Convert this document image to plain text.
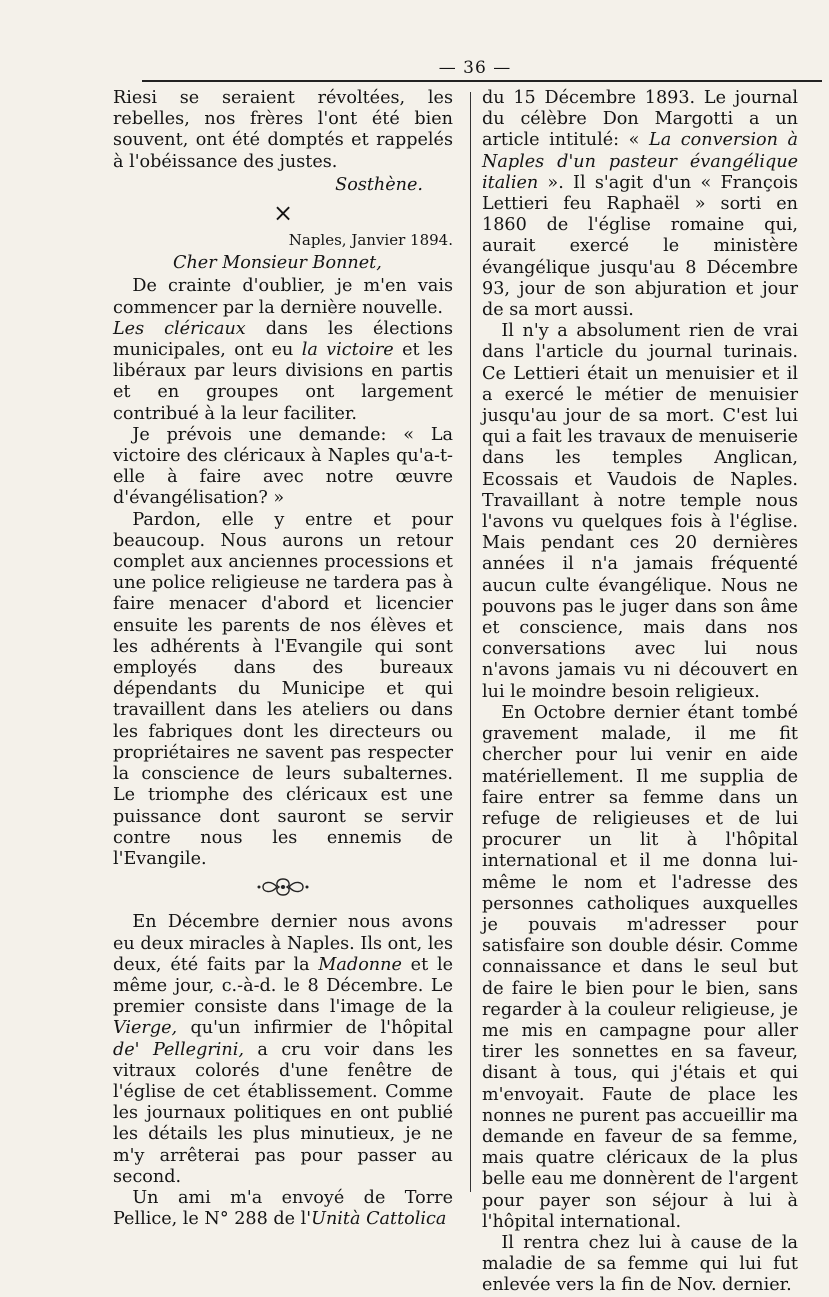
— 36 —

Riesi se seraient révoltées, les rebelles, nos frères l'ont été bien souvent, ont été domptés et rappelés à l'obéissance des justes.

Sosthène.

×

Naples, Janvier 1894.

Cher Monsieur Bonnet,

De crainte d'oublier, je m'en vais commencer par la dernière nouvelle.

Les cléricaux dans les élections municipales, ont eu la victoire et les libéraux par leurs divisions en partis et en groupes ont largement contribué à la leur faciliter.

Je prévois une demande: « La victoire des cléricaux à Naples qu'a-t-elle à faire avec notre œuvre d'évangélisation? »

Pardon, elle y entre et pour beaucoup. Nous aurons un retour complet aux anciennes processions et une police religieuse ne tardera pas à faire menacer d'abord et licencier ensuite les parents de nos élèves et les adhérents à l'Evangile qui sont employés dans des bureaux dépendants du Municipe et qui travaillent dans les ateliers ou dans les fabriques dont les directeurs ou propriétaires ne savent pas respecter la conscience de leurs subalternes. Le triomphe des cléricaux est une puissance dont sauront se servir contre nous les ennemis de l'Evangile.

En Décembre dernier nous avons eu deux miracles à Naples. Ils ont, les deux, été faits par la Madonne et le même jour, c.-à-d. le 8 Décembre. Le premier consiste dans l'image de la Vierge, qu'un infirmier de l'hôpital de' Pellegrini, a cru voir dans les vitraux colorés d'une fenêtre de l'église de cet établissement. Comme les journaux politiques en ont publié les détails les plus minutieux, je ne m'y arrêterai pas pour passer au second.

Un ami m'a envoyé de Torre Pellice, le N° 288 de l'Unità Cattolica

du 15 Décembre 1893. Le journal du célèbre Don Margotti a un article intitulé: « La conversion à Naples d'un pasteur évangélique italien ». Il s'agit d'un « François Lettieri feu Raphaël » sorti en 1860 de l'église romaine qui, aurait exercé le ministère évangélique jusqu'au 8 Décembre 93, jour de son abjuration et jour de sa mort aussi.

Il n'y a absolument rien de vrai dans l'article du journal turinais. Ce Lettieri était un menuisier et il a exercé le métier de menuisier jusqu'au jour de sa mort. C'est lui qui a fait les travaux de menuiserie dans les temples Anglican, Ecossais et Vaudois de Naples. Travaillant à notre temple nous l'avons vu quelques fois à l'église. Mais pendant ces 20 dernières années il n'a jamais fréquenté aucun culte évangélique. Nous ne pouvons pas le juger dans son âme et conscience, mais dans nos conversations avec lui nous n'avons jamais vu ni découvert en lui le moindre besoin religieux.

En Octobre dernier étant tombé gravement malade, il me fit chercher pour lui venir en aide matériellement. Il me supplia de faire entrer sa femme dans un refuge de religieuses et de lui procurer un lit à l'hôpital international et il me donna lui-même le nom et l'adresse des personnes catholiques auxquelles je pouvais m'adresser pour satisfaire son double désir. Comme connaissance et dans le seul but de faire le bien pour le bien, sans regarder à la couleur religieuse, je me mis en campagne pour aller tirer les sonnettes en sa faveur, disant à tous, qui j'étais et qui m'envoyait. Faute de place les nonnes ne purent pas accueillir ma demande en faveur de sa femme, mais quatre cléricaux de la plus belle eau me donnèrent de l'argent pour payer son séjour à lui à l'hôpital international.

Il rentra chez lui à cause de la maladie de sa femme qui lui fut enlevée vers la fin de Nov. dernier.
